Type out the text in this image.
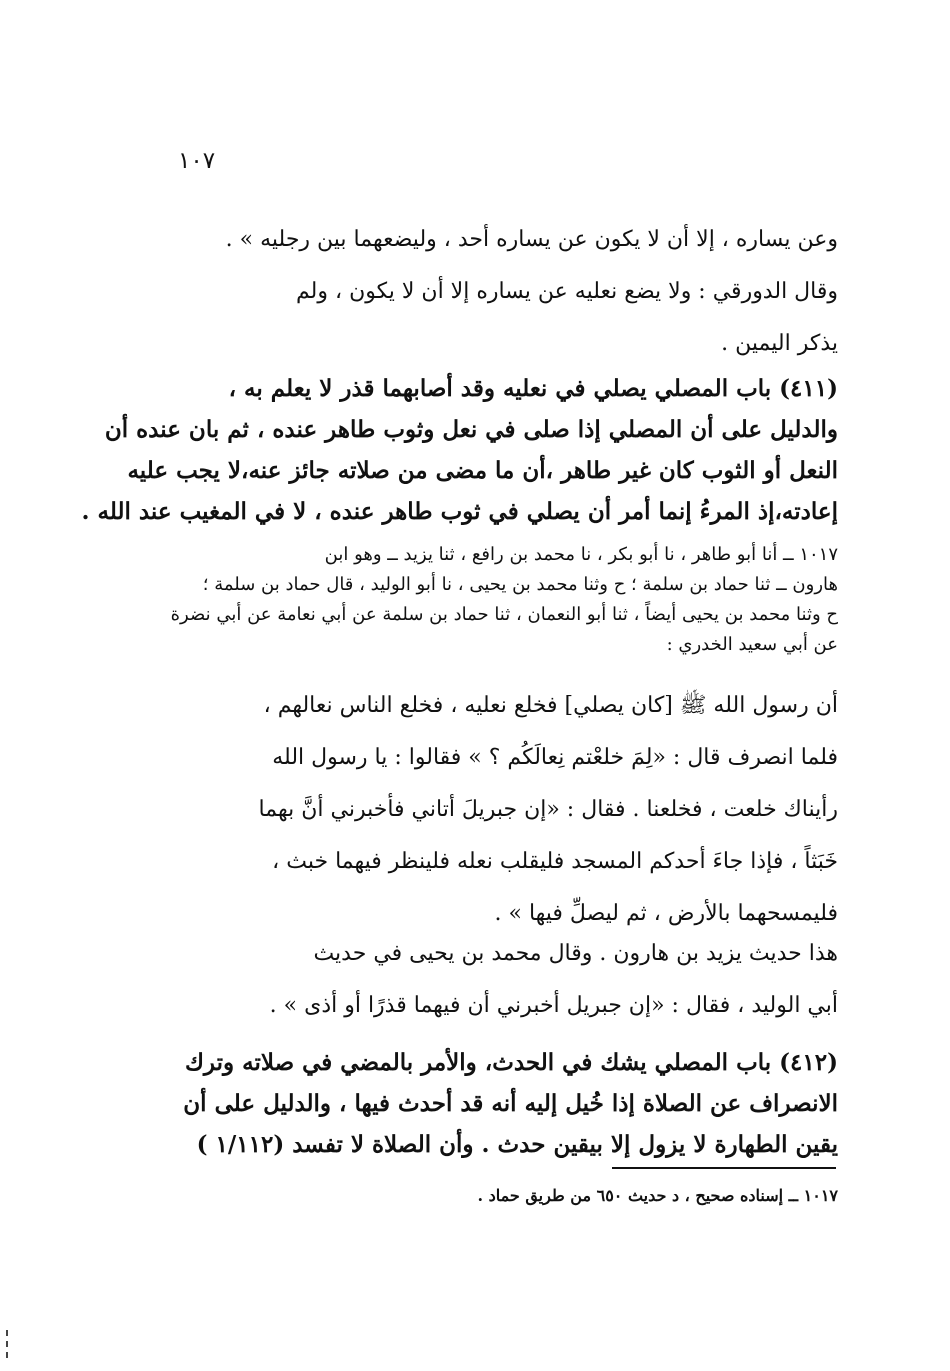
١٠٧
وعن يساره ، إلا أن لا يكون عن يساره أحد ، وليضعهما بين رجليه » .
وقال الدورقي : ولا يضع نعليه عن يساره إلا أن لا يكون ، ولم
يذكر اليمين .
(٤١١) باب المصلي يصلي في نعليه وقد أصابهما قذر لا يعلم به ،
والدليل على أن المصلي إذا صلى في نعل وثوب طاهر عنده ، ثم بان عنده أن
النعل أو الثوب كان غير طاهر ،أن ما مضى من صلاته جائز عنه،لا يجب عليه
إعادته،إذ المرءُ إنما أمر أن يصلي في ثوب طاهر عنده ، لا في المغيب عند الله .
١٠١٧ ــ أنا أبو طاهر ، نا أبو بكر ، نا محمد بن رافع ، ثنا يزيد ــ وهو ابن
هارون ــ ثنا حماد بن سلمة ؛ ح وثنا محمد بن يحيى ، نا أبو الوليد ، قال حماد بن سلمة ؛
ح وثنا محمد بن يحيى أيضاً ، ثنا أبو النعمان ، ثنا حماد بن سلمة عن أبي نعامة عن أبي نضرة
عن أبي سعيد الخدري :
أن رسول الله ﷺ [كان يصلي] فخلع نعليه ، فخلع الناس نعالهم ،
فلما انصرف قال : «لِمَ خلعْتم نِعالَكُم ؟ » فقالوا : يا رسول الله
رأيناك خلعت ، فخلعنا . فقال : «إن جبريلَ أتاني فأخبرني أنَّ بهما
خَبَثاً ، فإذا جاءَ أحدكم المسجد فليقلب نعله فلينظر فيهما خبث ،
فليمسحهما بالأرض ، ثم ليصلِّ فيها » .
هذا حديث يزيد بن هارون . وقال محمد بن يحيى في حديث
أبي الوليد ، فقال : «إن جبريل أخبرني أن فيهما قذرًا أو أذى » .
(٤١٢) باب المصلي يشك في الحدث، والأمر بالمضي في صلاته وترك
الانصراف عن الصلاة إذا خُيل إليه أنه قد أحدث فيها ، والدليل على أن
يقين الطهارة لا يزول إلا بيقين حدث . وأن الصلاة لا تفسد (١/١١٢ )
١٠١٧ ــ إسناده صحيح ، د حديث ٦٥٠ من طريق حماد .
